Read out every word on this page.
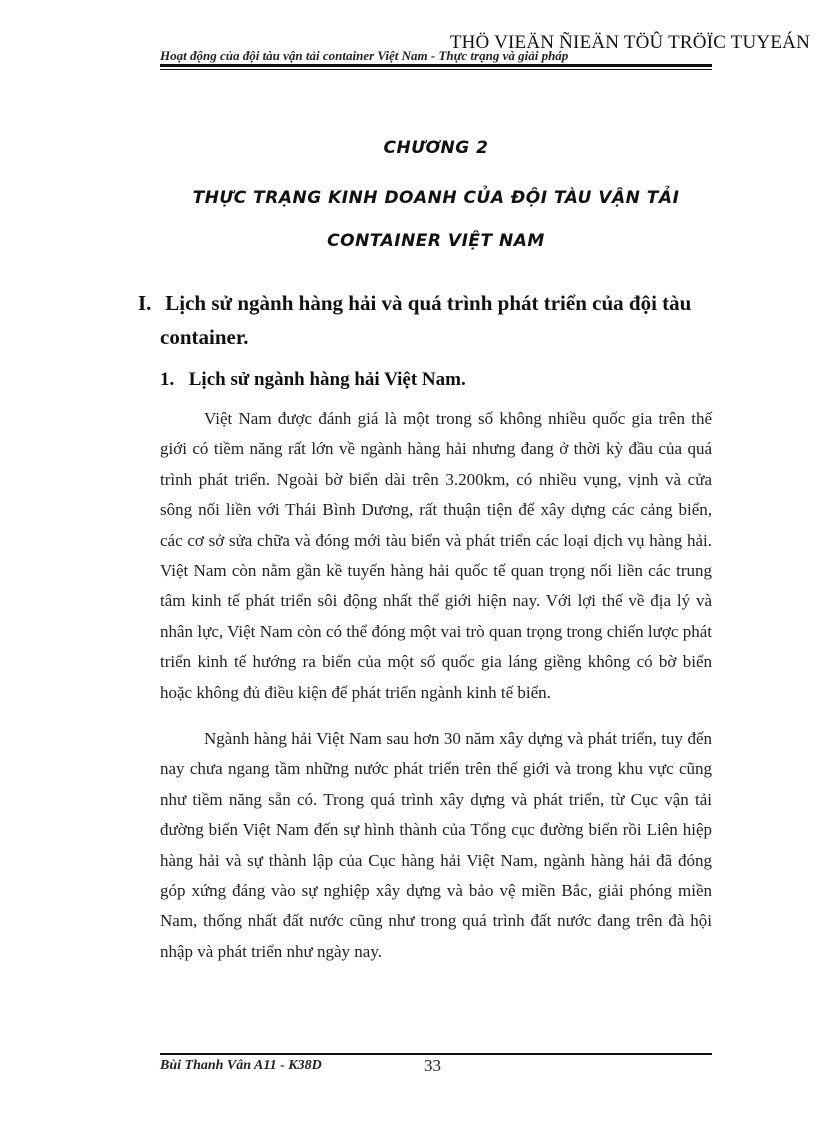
THÖ VIEÄN ÑIEÄN TÖÛ TRÖÏC TUYEÁN
Hoạt động của đội tàu vận tải container Việt Nam - Thực trạng và giải pháp
CHƯƠNG 2
THỰC TRẠNG KINH DOANH CỦA ĐỘI TÀU VẬN TẢI
CONTAINER VIỆT NAM
I. Lịch sử ngành hàng hải và quá trình phát triển của đội tàu
container.
1. Lịch sử ngành hàng hải Việt Nam.

Việt Nam được đánh giá là một trong số không nhiều quốc gia trên thế giới có tiềm năng rất lớn về ngành hàng hải nhưng đang ở thời kỳ đầu của quá trình phát triển. Ngoài bờ biển dài trên 3.200km, có nhiều vụng, vịnh và cửa sông nối liền với Thái Bình Dương, rất thuận tiện để xây dựng các cảng biển, các cơ sở sửa chữa và đóng mới tàu biển và phát triển các loại dịch vụ hàng hải. Việt Nam còn nằm gần kề tuyến hàng hải quốc tế quan trọng nối liền các trung tâm kinh tế phát triển sôi động nhất thế giới hiện nay. Với lợi thế về địa lý và nhân lực, Việt Nam còn có thể đóng một vai trò quan trọng trong chiến lược phát triển kinh tế hướng ra biển của một số quốc gia láng giềng không có bờ biển hoặc không đủ điều kiện để phát triển ngành kinh tế biển.

Ngành hàng hải Việt Nam sau hơn 30 năm xây dựng và phát triển, tuy đến nay chưa ngang tầm những nước phát triển trên thế giới và trong khu vực cũng như tiềm năng sẵn có. Trong quá trình xây dựng và phát triển, từ Cục vận tải đường biển Việt Nam đến sự hình thành của Tổng cục đường biển rồi Liên hiệp hàng hải và sự thành lập của Cục hàng hải Việt Nam, ngành hàng hải đã đóng góp xứng đáng vào sự nghiệp xây dựng và bảo vệ miền Bắc, giải phóng miền Nam, thống nhất đất nước cũng như trong quá trình đất nước đang trên đà hội nhập và phát triển như ngày nay.

Bùi Thanh Vân A11 - K38D	33
